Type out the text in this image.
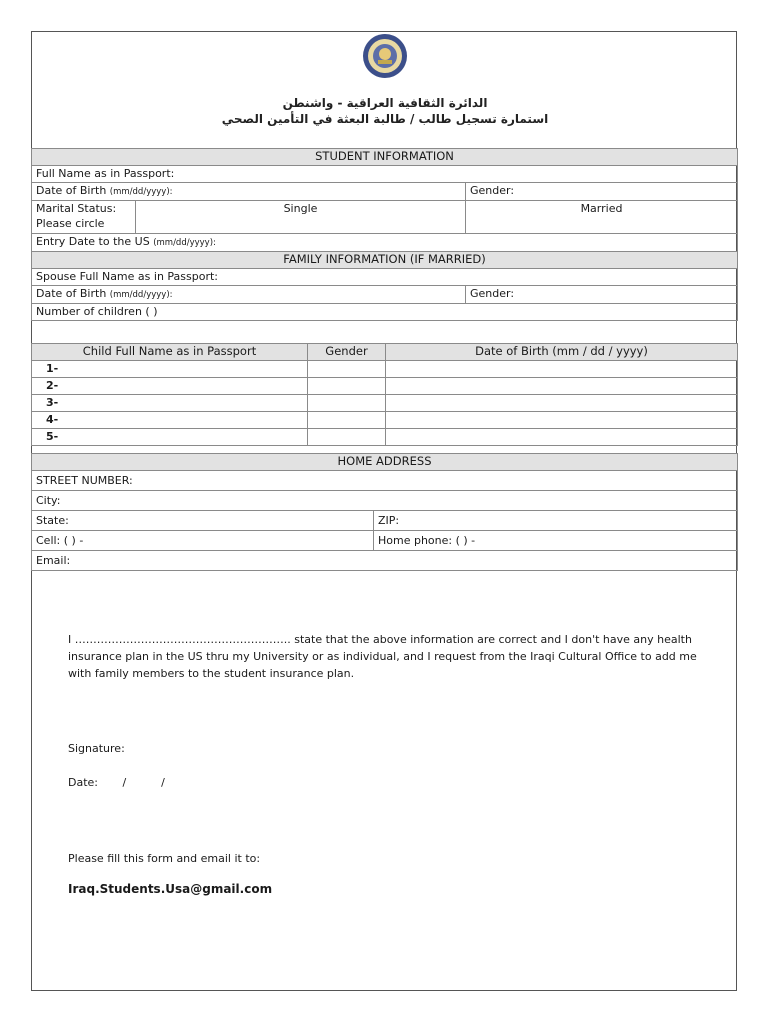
الدائرة الثقافية العراقية - واشنطن
استمارة تسجيل طالب / طالبة البعثة في التأمين الصحي
STUDENT INFORMATION		
Full Name as in Passport:		
Date of Birth (mm/dd/yyyy):		Gender:

Marital Status:
Please circle	Single	Married
Entry Date to the US (mm/dd/yyyy):		
FAMILY INFORMATION (IF MARRIED)		
Spouse Full Name as in Passport:		
Date of Birth (mm/dd/yyyy):		Gender:
Number of children ( )		
Child Full Name as in Passport	Gender	Date of Birth (mm / dd / yyyy)
1-		
2-		
3-		
4-		
5-		
HOME ADDRESS	
STREET NUMBER:	
City:	
State:	ZIP:
Cell: ( ) -	Home phone: ( ) -
Email:	
I ………………………………………………….. state that the above information are correct and I don't have any health insurance plan in the US thru my University or as individual, and I request from the Iraqi Cultural Office to add me with family members to the student insurance plan.
Signature:
Date:       /          /
Please fill this form and email it to:
Iraq.Students.Usa@gmail.com
